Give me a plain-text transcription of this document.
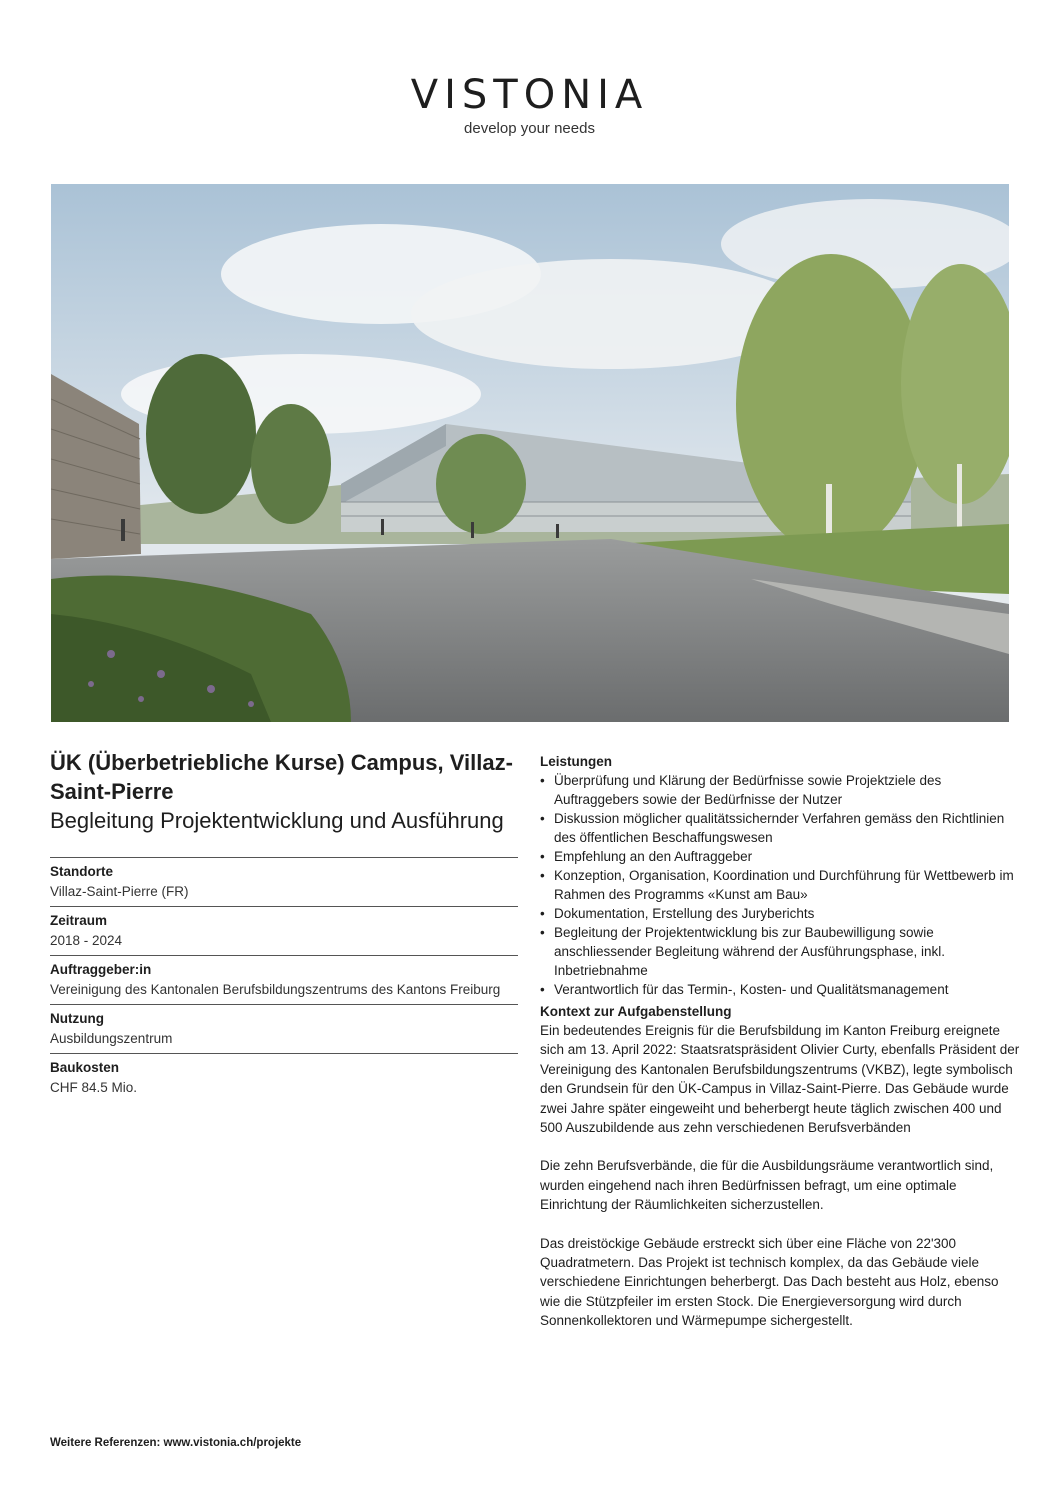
VISTONIA
develop your needs
ÜK (Überbetriebliche Kurse) Campus, Villaz-Saint-Pierre
Begleitung Projektentwicklung und Ausführung
Standorte
Villaz-Saint-Pierre (FR)
Zeitraum
2018 - 2024
Auftraggeber:in
Vereinigung des Kantonalen Berufsbildungszentrums des Kantons Freiburg
Nutzung
Ausbildungszentrum
Baukosten
CHF 84.5 Mio.
Leistungen
• Überprüfung und Klärung der Bedürfnisse sowie Projektziele des Auftraggebers sowie der Bedürfnisse der Nutzer
• Diskussion möglicher qualitätssichernder Verfahren gemäss den Richtlinien des öffentlichen Beschaffungswesen
• Empfehlung an den Auftraggeber
• Konzeption, Organisation, Koordination und Durchführung für Wettbewerb im Rahmen des Programms «Kunst am Bau»
• Dokumentation, Erstellung des Juryberichts
• Begleitung der Projektentwicklung bis zur Baubewilligung sowie anschliessender Begleitung während der Ausführungsphase, inkl. Inbetriebnahme
• Verantwortlich für das Termin-, Kosten- und Qualitätsmanagement
Kontext zur Aufgabenstellung

Ein bedeutendes Ereignis für die Berufsbildung im Kanton Freiburg ereignete sich am 13. April 2022: Staatsratspräsident Olivier Curty, ebenfalls Präsident der Vereinigung des Kantonalen Berufsbildungszentrums (VKBZ), legte symbolisch den Grundsein für den ÜK-Campus in Villaz-Saint-Pierre. Das Gebäude wurde zwei Jahre später eingeweiht und beherbergt heute täglich zwischen 400 und 500 Auszubildende aus zehn verschiedenen Berufsverbänden

Die zehn Berufsverbände, die für die Ausbildungsräume verantwortlich sind, wurden eingehend nach ihren Bedürfnissen befragt, um eine optimale Einrichtung der Räumlichkeiten sicherzustellen.

Das dreistöckige Gebäude erstreckt sich über eine Fläche von 22'300 Quadratmetern. Das Projekt ist technisch komplex, da das Gebäude viele verschiedene Einrichtungen beherbergt. Das Dach besteht aus Holz, ebenso wie die Stützpfeiler im ersten Stock. Die Energieversorgung wird durch Sonnenkollektoren und Wärmepumpe sichergestellt.

Weitere Referenzen: www.vistonia.ch/projekte
